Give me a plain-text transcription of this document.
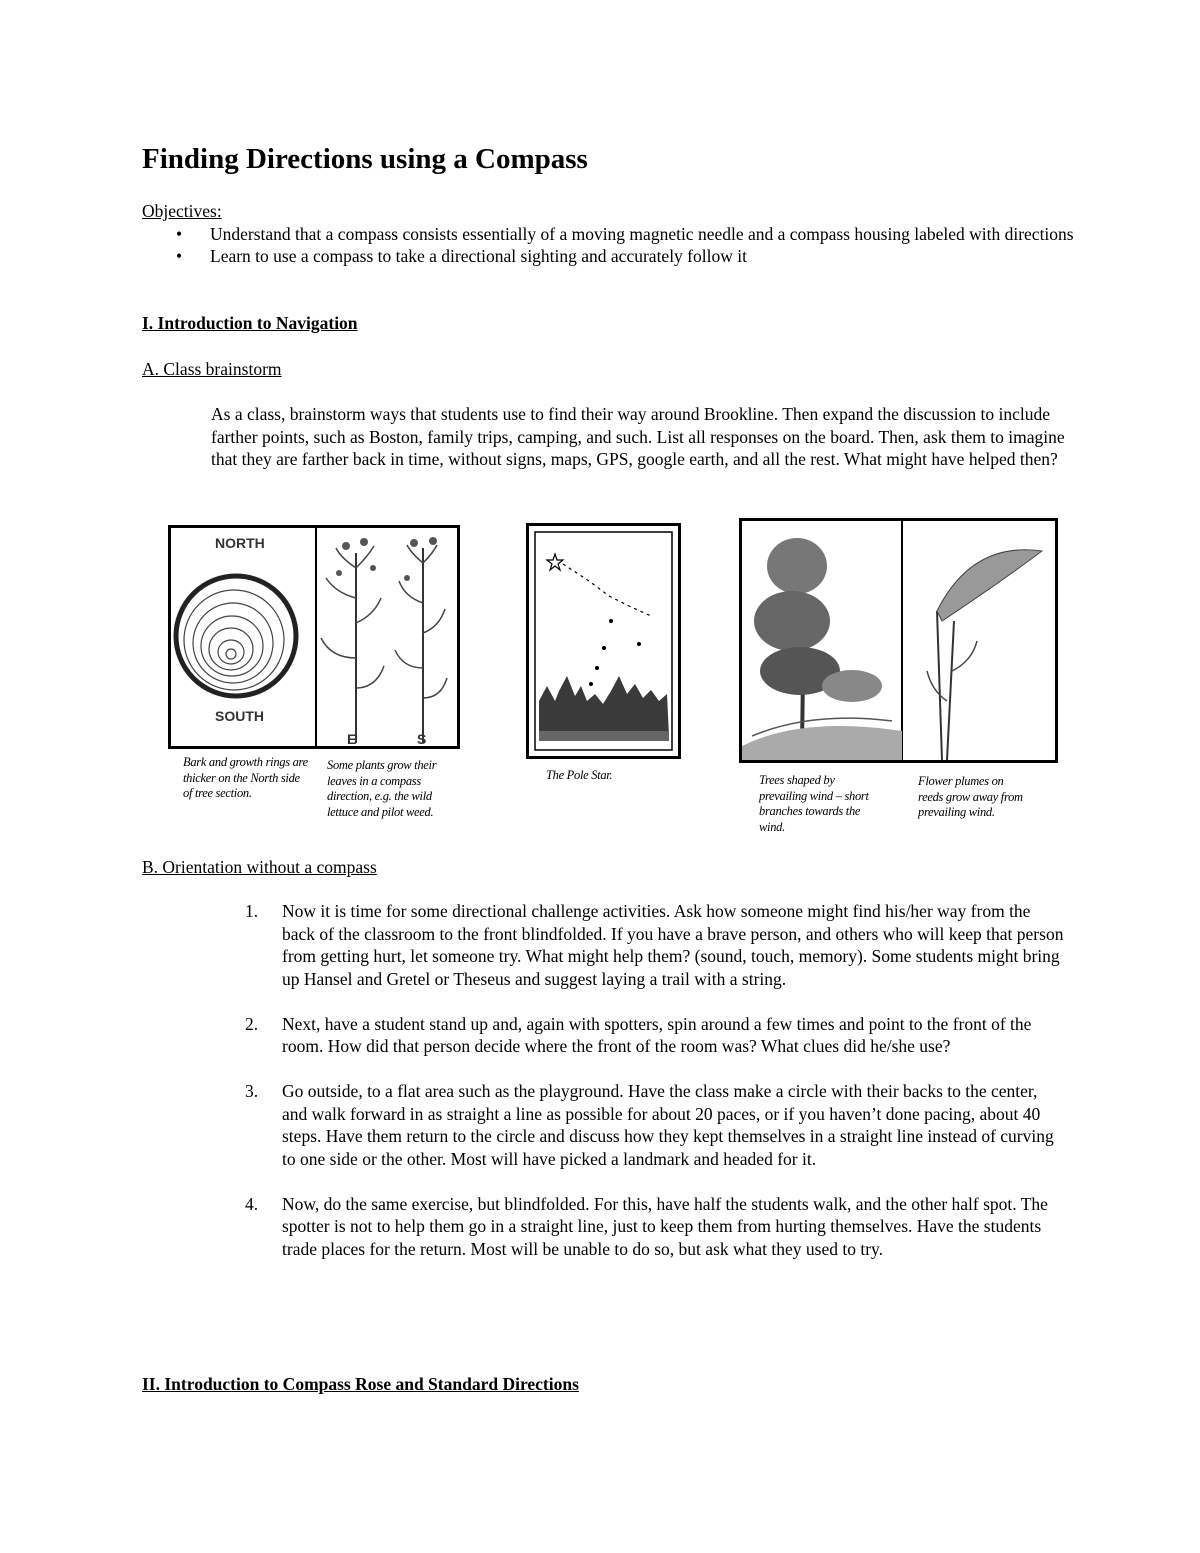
Finding Directions using a Compass
Objectives:
• Understand that a compass consists essentially of a moving magnetic needle and a compass housing labeled with directions
• Learn to use a compass to take a directional sighting and accurately follow it
I. Introduction to Navigation
A. Class brainstorm
As a class, brainstorm ways that students use to find their way around Brookline. Then expand the discussion to include farther points, such as Boston, family trips, camping, and such. List all responses on the board. Then, ask them to imagine that they are farther back in time, without signs, maps, GPS, google earth, and all the rest. What might have helped then?
NORTH
SOUTH
E	S
Bark and growth rings are thicker on the North side of tree section.
Some plants grow their leaves in a compass direction, e.g. the wild lettuce and pilot weed.
The Pole Star.	Trees shaped by prevailing wind – short branches towards the wind.
Flower plumes on reeds grow away from prevailing wind.
B. Orientation without a compass
1. Now it is time for some directional challenge activities. Ask how someone might find his/her way from the back of the classroom to the front blindfolded. If you have a brave person, and others who will keep that person from getting hurt, let someone try. What might help them? (sound, touch, memory). Some students might bring up Hansel and Gretel or Theseus and suggest laying a trail with a string.
2. Next, have a student stand up and, again with spotters, spin around a few times and point to the front of the room. How did that person decide where the front of the room was? What clues did he/she use?
3. Go outside, to a flat area such as the playground. Have the class make a circle with their backs to the center, and walk forward in as straight a line as possible for about 20 paces, or if you haven’t done pacing, about 40 steps. Have them return to the circle and discuss how they kept themselves in a straight line instead of curving to one side or the other. Most will have picked a landmark and headed for it.
4. Now, do the same exercise, but blindfolded. For this, have half the students walk, and the other half spot. The spotter is not to help them go in a straight line, just to keep them from hurting themselves. Have the students trade places for the return. Most will be unable to do so, but ask what they used to try.
II. Introduction to Compass Rose and Standard Directions
